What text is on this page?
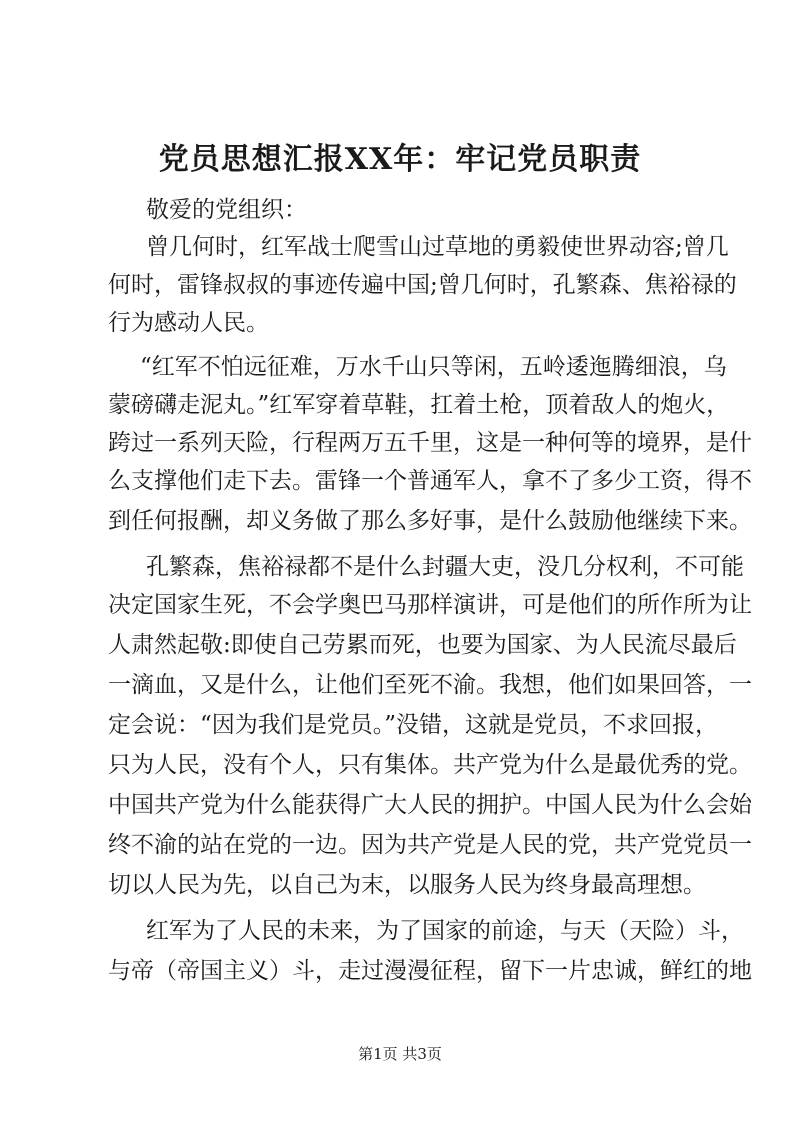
党员思想汇报XX年：牢记党员职责
敬爱的党组织：
曾几何时，红军战士爬雪山过草地的勇毅使世界动容;曾几
何时，雷锋叔叔的事迹传遍中国;曾几何时，孔繁森、焦裕禄的
行为感动人民。
“红军不怕远征难，万水千山只等闲，五岭逶迤腾细浪，乌
蒙磅礴走泥丸。”红军穿着草鞋，扛着土枪，顶着敌人的炮火，
跨过一系列天险，行程两万五千里，这是一种何等的境界，是什
么支撑他们走下去。雷锋一个普通军人，拿不了多少工资，得不
到任何报酬，却义务做了那么多好事，是什么鼓励他继续下来。
孔繁森，焦裕禄都不是什么封疆大吏，没几分权利，不可能
决定国家生死，不会学奥巴马那样演讲，可是他们的所作所为让
人肃然起敬:即使自己劳累而死，也要为国家、为人民流尽最后
一滴血，又是什么，让他们至死不渝。我想，他们如果回答，一
定会说：“因为我们是党员。”没错，这就是党员，不求回报，
只为人民，没有个人，只有集体。共产党为什么是最优秀的党。
中国共产党为什么能获得广大人民的拥护。中国人民为什么会始
终不渝的站在党的一边。因为共产党是人民的党，共产党党员一
切以人民为先，以自己为末，以服务人民为终身最高理想。
红军为了人民的未来，为了国家的前途，与天（天险）斗，
与帝（帝国主义）斗，走过漫漫征程，留下一片忠诚，鲜红的地
第1页 共3页
